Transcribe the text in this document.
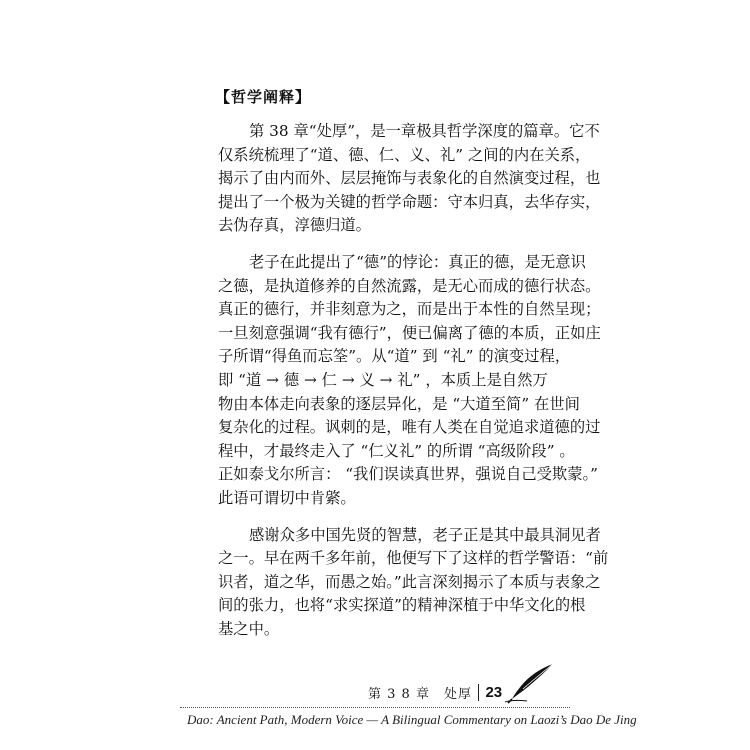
【哲学阐释】
第 38 章“处厚”，是一章极具哲学深度的篇章。它不
仅系统梳理了“道、德、仁、义、礼” 之间的内在关系，
揭示了由内而外、层层掩饰与表象化的自然演变过程，也
提出了一个极为关键的哲学命题：守本归真，去华存实，
去伪存真，淳德归道。
老子在此提出了“德”的悖论：真正的德，是无意识
之德，是执道修养的自然流露，是无心而成的德行状态。
真正的德行，并非刻意为之，而是出于本性的自然呈现；
一旦刻意强调“我有德行”，便已偏离了德的本质，正如庄
子所谓“得鱼而忘筌”。从“道” 到 “礼” 的演变过程，
即 “道 → 德 → 仁 → 义 → 礼” ，本质上是自然万
物由本体走向表象的逐层异化，是 “大道至简” 在世间
复杂化的过程。讽刺的是，唯有人类在自觉追求道德的过
程中，才最终走入了 “仁义礼” 的所谓 “高级阶段” 。
正如泰戈尔所言： “我们误读真世界，强说自己受欺蒙。”
此语可谓切中肯綮。
感谢众多中国先贤的智慧，老子正是其中最具洞见者
之一。早在两千多年前，他便写下了这样的哲学警语：“前
识者，道之华，而愚之始。”此言深刻揭示了本质与表象之
间的张力，也将“求实探道”的精神深植于中华文化的根
基之中。
第 3 8 章　处厚 23
Dao: Ancient Path, Modern Voice — A Bilingual Commentary on Laozi’s Dao De Jing
